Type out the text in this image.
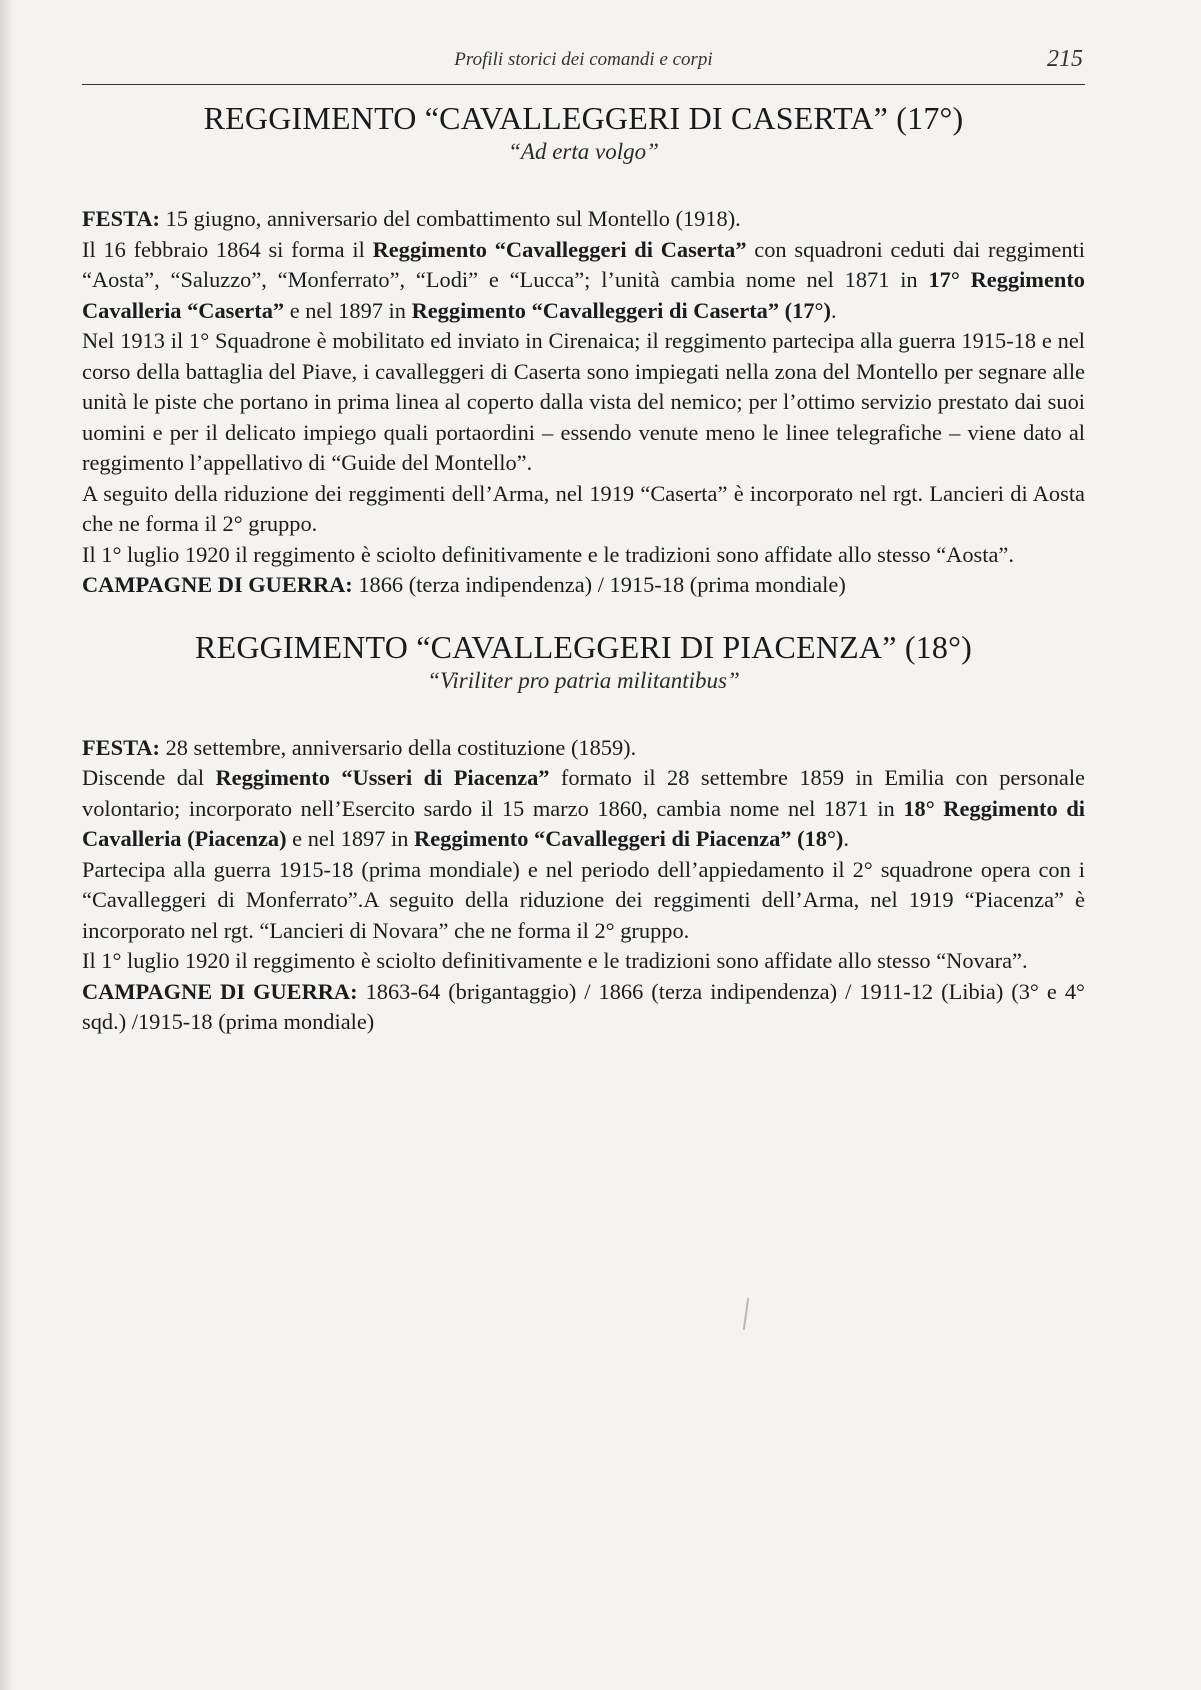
Profili storici dei comandi e corpi	215
REGGIMENTO “CAVALLEGGERI DI CASERTA” (17°)
“Ad erta volgo”

FESTA: 15 giugno, anniversario del combattimento sul Montello (1918).

Il 16 febbraio 1864 si forma il Reggimento “Cavalleggeri di Caserta” con squadroni ceduti dai reggimenti “Aosta”, “Saluzzo”, “Monferrato”, “Lodi” e “Lucca”; l’unità cambia nome nel 1871 in 17° Reggimento Cavalleria “Caserta” e nel 1897 in Reggimento “Cavalleggeri di Caserta” (17°).

Nel 1913 il 1° Squadrone è mobilitato ed inviato in Cirenaica; il reggimento partecipa alla guerra 1915-18 e nel corso della battaglia del Piave, i cavalleggeri di Caserta sono impiegati nella zona del Montello per segnare alle unità le piste che portano in prima linea al coperto dalla vista del nemico; per l’ottimo servizio prestato dai suoi uomini e per il delicato impiego quali portaordini – essendo venute meno le linee telegrafiche – viene dato al reggimento l’appellativo di “Guide del Montello”.

A seguito della riduzione dei reggimenti dell’Arma, nel 1919 “Caserta” è incorporato nel rgt. Lancieri di Aosta che ne forma il 2° gruppo.

Il 1° luglio 1920 il reggimento è sciolto definitivamente e le tradizioni sono affidate allo stesso “Aosta”.

CAMPAGNE DI GUERRA: 1866 (terza indipendenza) / 1915-18 (prima mondiale)

REGGIMENTO “CAVALLEGGERI DI PIACENZA” (18°)
“Viriliter pro patria militantibus”

FESTA: 28 settembre, anniversario della costituzione (1859).

Discende dal Reggimento “Usseri di Piacenza” formato il 28 settembre 1859 in Emilia con personale volontario; incorporato nell’Esercito sardo il 15 marzo 1860, cambia nome nel 1871 in 18° Reggimento di Cavalleria (Piacenza) e nel 1897 in Reggimento “Cavalleggeri di Piacenza” (18°).

Partecipa alla guerra 1915-18 (prima mondiale) e nel periodo dell’appiedamento il 2° squadrone opera con i “Cavalleggeri di Monferrato”.A seguito della riduzione dei reggimenti dell’Arma, nel 1919 “Piacenza” è incorporato nel rgt. “Lancieri di Novara” che ne forma il 2° gruppo.

Il 1° luglio 1920 il reggimento è sciolto definitivamente e le tradizioni sono affidate allo stesso “Novara”.

CAMPAGNE DI GUERRA: 1863-64 (brigantaggio) / 1866 (terza indipendenza) / 1911-12 (Libia) (3° e 4° sqd.) /1915-18 (prima mondiale)
